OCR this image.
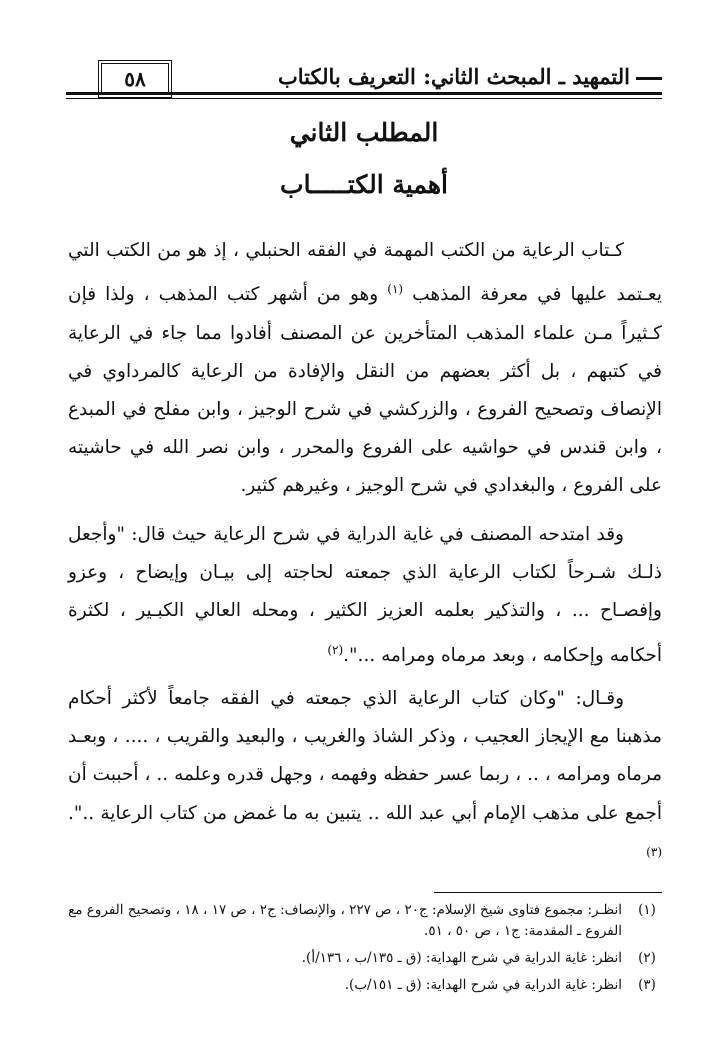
التمهيد ـ المبحث الثاني: التعريف بالكتاب
٥٨
المطلب الثاني
أهمية الكتـــــاب
كـتاب الرعاية من الكتب المهمة في الفقه الحنبلي ، إذ هو من الكتب التي يعـتمد عليها في معرفة المذهب $^{(١)}$ وهو من أشهر كتب المذهب ، ولذا فإن كـثيراً مـن علماء المذهب المتأخرين عن المصنف أفادوا مما جاء في الرعاية في كتبهم ، بل أكثر بعضهم من النقل والإفادة من الرعاية كالمرداوي في الإنصاف وتصحيح الفروع ، والزركشي في شرح الوجيز ، وابن مفلح في المبدع ، وابن قندس في حواشيه على الفروع والمحرر ، وابن نصر الله في حاشيته على الفروع ، والبغدادي في شرح الوجيز ، وغيرهم كثير.
وقد امتدحه المصنف في غاية الدراية في شرح الرعاية حيث قال: "وأجعل ذلـك شـرحاً لكتاب الرعاية الذي جمعته لحاجته إلى بيـان وإيضاح ، وعزو وإفصـاح ... ، والتذكير بعلمه العزيز الكثير ، ومحله العالي الكبـير ، لكثرة أحكامه وإحكامه ، وبعد مرماه ومرامه ...".$^{(٢)}$
وقـال: "وكان كتاب الرعاية الذي جمعته في الفقه جامعاً لأكثر أحكام مذهبنا مع الإيجاز العجيب ، وذكر الشاذ والغريب ، والبعيد والقريب ، .... ، وبعـد مرماه ومرامه ، .. ، ربما عسر حفظه وفهمه ، وجهل قدره وعلمه .. ، أحببت أن أجمع على مذهب الإمام أبي عبد الله .. يتبين به ما غمض من كتاب الرعاية ..".$^{(٣)}$
(١)
انظـر: مجموع فتاوى شيخ الإسلام: ج٢٠ ، ص ٢٢٧ ، والإنصاف: ج٢ ، ص ١٧ ، ١٨ ، وتصحيح الفروع مع الفروع ـ المقدمة: ج١ ، ص ٥٠ ، ٥١.
(٢)
انظر: غاية الدراية في شرح الهداية: (ق ـ ١٣٥/ب ، ١٣٦/أ).
(٣)
انظر: غاية الدراية في شرح الهداية: (ق ـ ١٥١/ب).
